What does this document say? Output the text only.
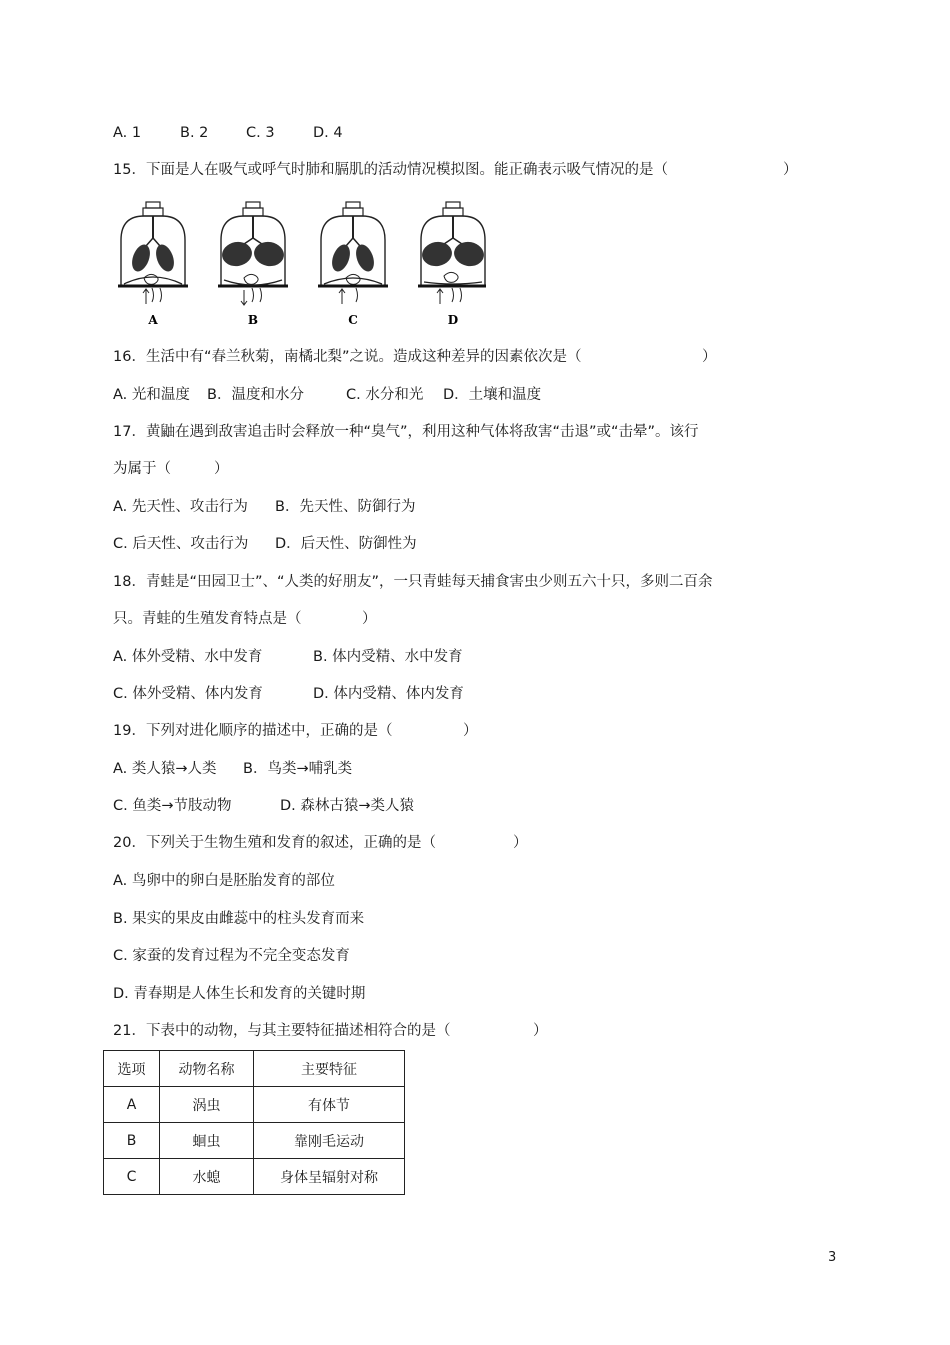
A. 1	B. 2	C. 3	D. 4
15．下面是人在吸气或呼气时肺和膈肌的活动情况模拟图。能正确表示吸气情况的是（	）
A	B	C	D
16．生活中有“春兰秋菊，南橘北梨”之说。造成这种差异的因素依次是（	）
A. 光和温度 B．温度和水分	C. 水分和光 D．土壤和温度
17．黄鼬在遇到敌害追击时会释放一种“臭气”，利用这种气体将敌害“击退”或“击晕”。该行
为属于（	）
A. 先天性、攻击行为 B．先天性、防御行为
C. 后天性、攻击行为 D．后天性、防御性为
18．青蛙是“田园卫士”、“人类的好朋友”，一只青蛙每天捕食害虫少则五六十只，多则二百余
只。青蛙的生殖发育特点是（	）
A. 体外受精、水中发育	B. 体内受精、水中发育
C. 体外受精、体内发育	D. 体内受精、体内发育
19．下列对进化顺序的描述中，正确的是（	）
A. 类人猿→人类 B．鸟类→哺乳类
C. 鱼类→节肢动物	D. 森林古猿→类人猿
20．下列关于生物生殖和发育的叙述，正确的是（	）
A. 鸟卵中的卵白是胚胎发育的部位
B. 果实的果皮由雌蕊中的柱头发育而来
C. 家蚕的发育过程为不完全变态发育
D. 青春期是人体生长和发育的关键时期
21．下表中的动物，与其主要特征描述相符合的是（	）
选项	动物名称	主要特征
A	涡虫	有体节
B	蛔虫	靠刚毛运动
C	水螅	身体呈辐射对称
3
